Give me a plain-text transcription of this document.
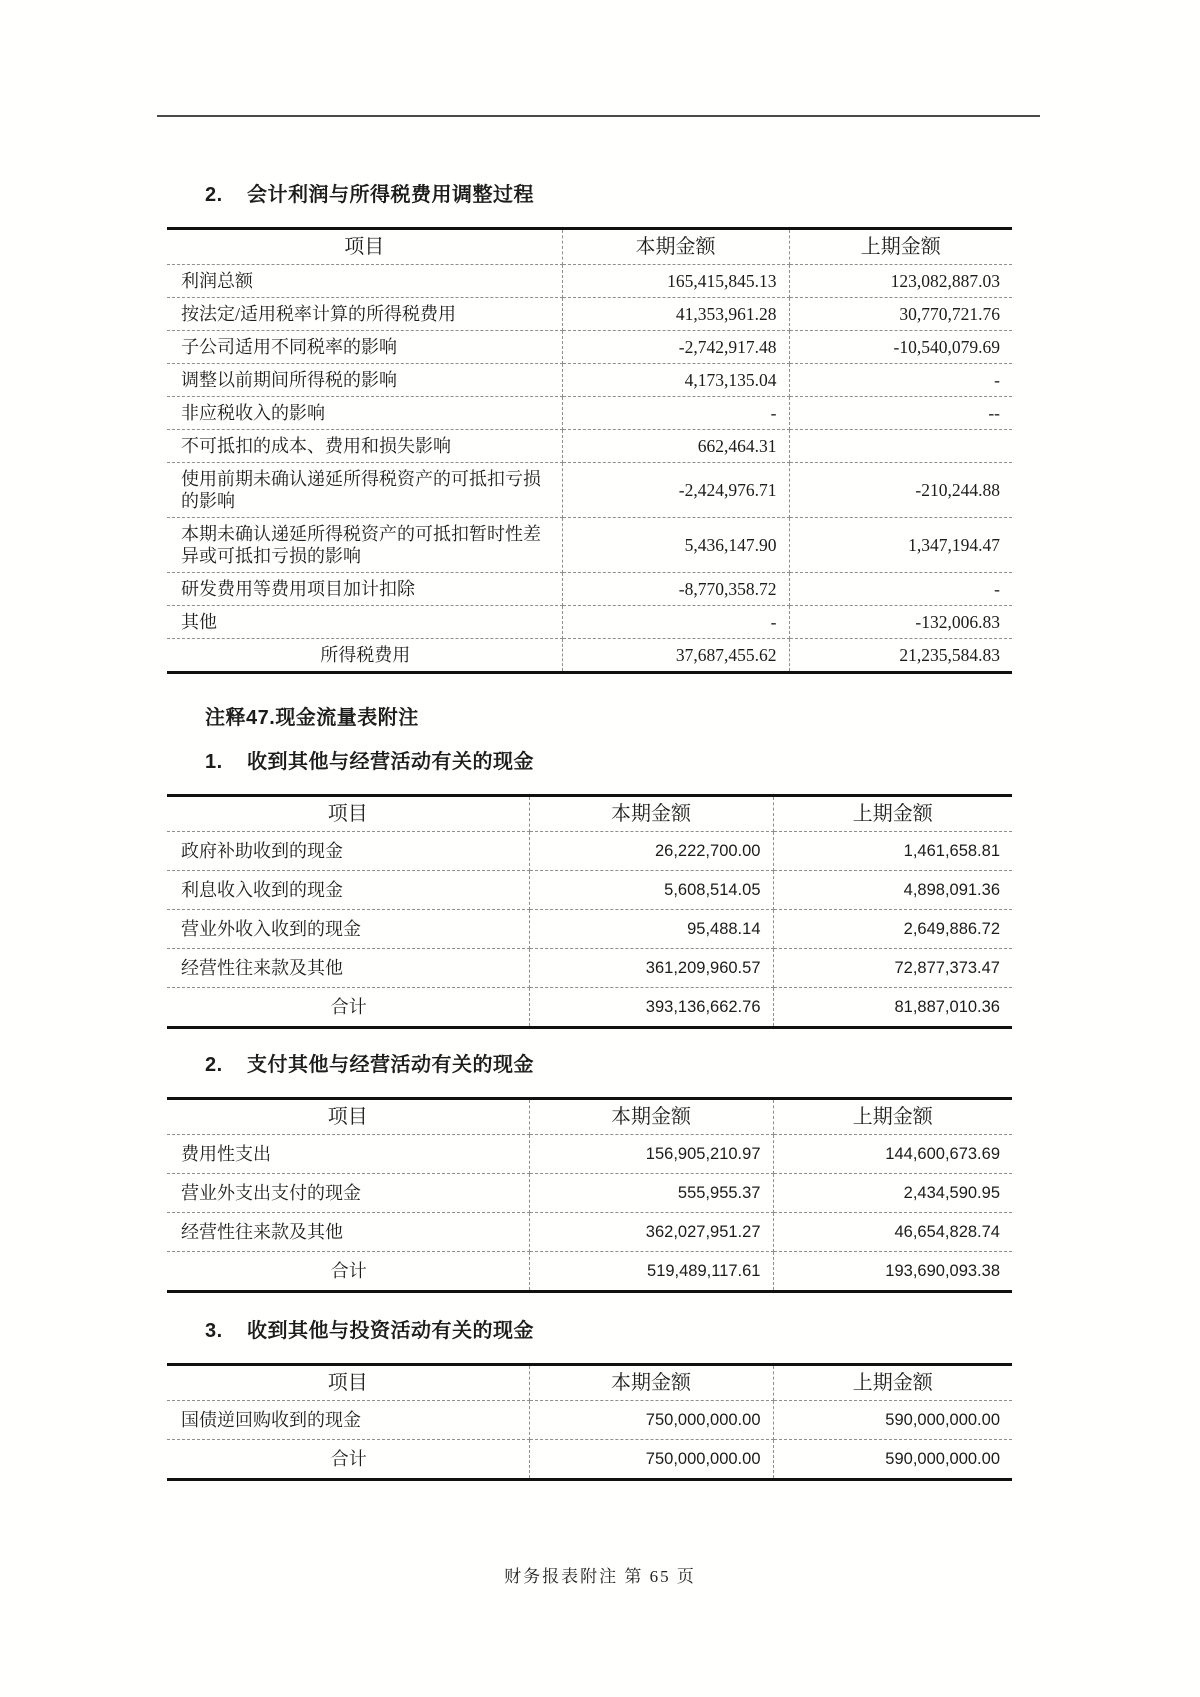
2. 会计利润与所得税费用调整过程
项目	本期金额	上期金额
利润总额	165,415,845.13	123,082,887.03
按法定/适用税率计算的所得税费用	41,353,961.28	30,770,721.76
子公司适用不同税率的影响	-2,742,917.48	-10,540,079.69
调整以前期间所得税的影响	4,173,135.04	-
非应税收入的影响	-	--
不可抵扣的成本、费用和损失影响	662,464.31	
使用前期未确认递延所得税资产的可抵扣亏损的影响	-2,424,976.71	-210,244.88
本期未确认递延所得税资产的可抵扣暂时性差异或可抵扣亏损的影响	5,436,147.90	1,347,194.47
研发费用等费用项目加计扣除	-8,770,358.72	-
其他	-	-132,006.83
所得税费用	37,687,455.62	21,235,584.83
注释47.现金流量表附注
1. 收到其他与经营活动有关的现金
项目	本期金额	上期金额
政府补助收到的现金	26,222,700.00	1,461,658.81
利息收入收到的现金	5,608,514.05	4,898,091.36
营业外收入收到的现金	95,488.14	2,649,886.72
经营性往来款及其他	361,209,960.57	72,877,373.47
合计	393,136,662.76	81,887,010.36
2. 支付其他与经营活动有关的现金
项目	本期金额	上期金额
费用性支出	156,905,210.97	144,600,673.69
营业外支出支付的现金	555,955.37	2,434,590.95
经营性往来款及其他	362,027,951.27	46,654,828.74
合计	519,489,117.61	193,690,093.38
3. 收到其他与投资活动有关的现金
项目	本期金额	上期金额
国债逆回购收到的现金	750,000,000.00	590,000,000.00
合计	750,000,000.00	590,000,000.00
财务报表附注 第 65 页
